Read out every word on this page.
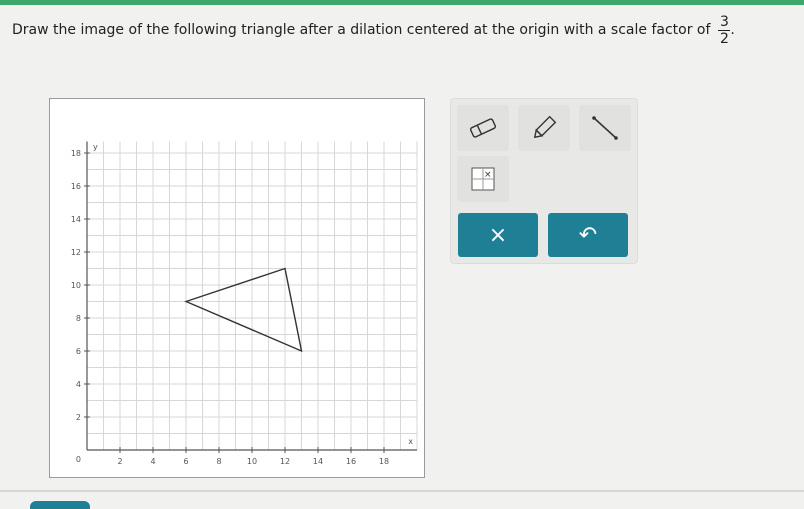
Draw the image of the following triangle after a dilation centered at the origin with a scale factor of $\frac{3}{2}$ .
2	4	6	8	10	12	14	16	18
2
4
6
8
10
12
14
16
18
0
x
y
×
×	↶
